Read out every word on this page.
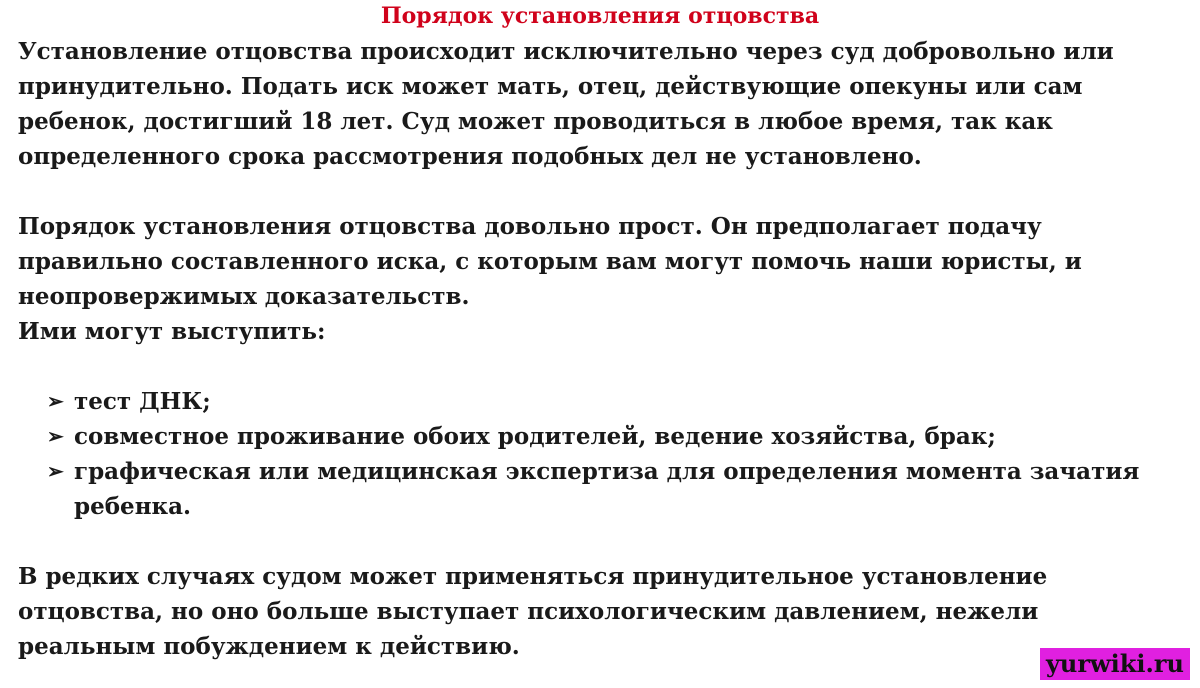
Порядок установления отцовства

Установление отцовства происходит исключительно через суд добровольно или принудительно. Подать иск может мать, отец, действующие опекуны или сам ребенок, достигший 18 лет. Суд может проводиться в любое время, так как определенного срока рассмотрения подобных дел не установлено.

Порядок установления отцовства довольно прост. Он предполагает подачу правильно составленного иска, с которым вам могут помочь наши юристы, и неопровержимых доказательств.

Ими могут выступить:

➢ тест ДНК;
➢ совместное проживание обоих родителей, ведение хозяйства, брак;
➢ графическая или медицинская экспертиза для определения момента зачатия ребенка.

В редких случаях судом может применяться принудительное установление отцовства, но оно больше выступает психологическим давлением, нежели реальным побуждением к действию.

yurwiki.ru
